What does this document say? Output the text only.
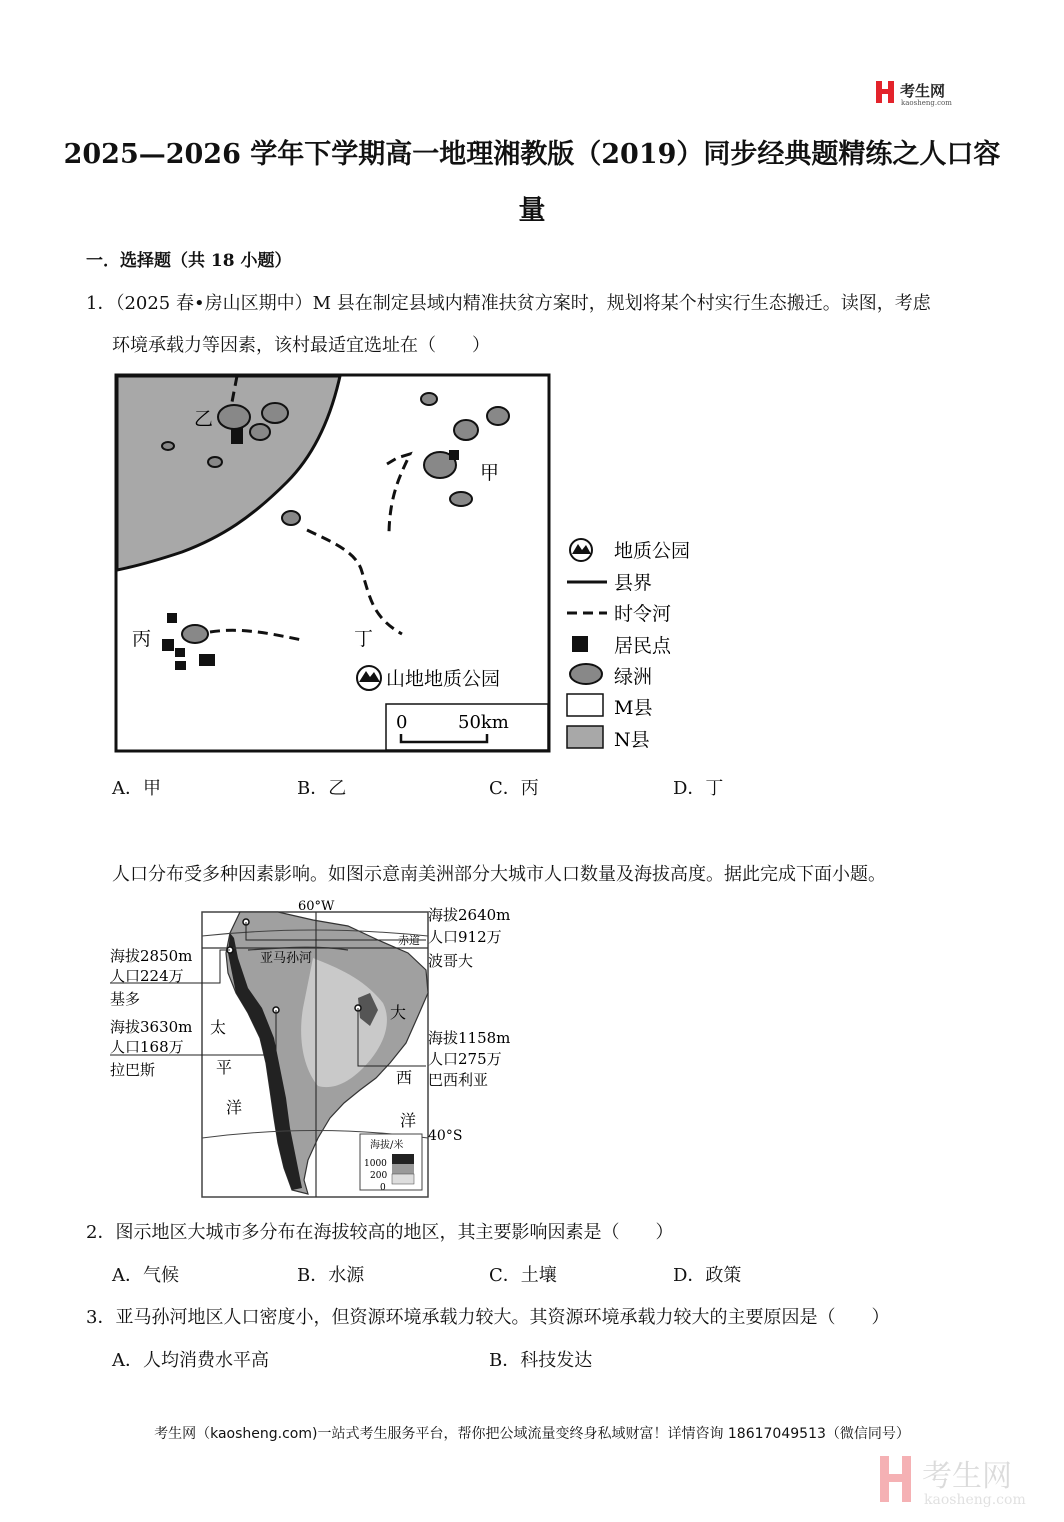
考生网
kaosheng.com
2025—2026 学年下学期高一地理湘教版（2019）同步经典题精练之人口容
量
一．选择题（共 18 小题）
1．（2025 春•房山区期中）M 县在制定县域内精准扶贫方案时，规划将某个村实行生态搬迁。读图，考虑
环境承载力等因素，该村最适宜选址在（　　）
乙
甲
丙	丁
山地地质公园
0	50km
地质公园
县界
时令河
居民点
绿洲
M县
N县
A．甲	B．乙	C．丙	D．丁
人口分布受多种因素影响。如图示意南美洲部分大城市人口数量及海拔高度。据此完成下面小题。
60°W
赤道
40°S
亚马孙河
太
平
洋
大
西
洋
海拔2640m
人口912万
波哥大
海拔2850m
人口224万
基多
海拔3630m
人口168万
拉巴斯
海拔1158m
人口275万
巴西利亚
海拔/米
1000
200
0
2．图示地区大城市多分布在海拔较高的地区，其主要影响因素是（　　）
A．气候	B．水源	C．土壤	D．政策
3．亚马孙河地区人口密度小，但资源环境承载力较大。其资源环境承载力较大的主要原因是（　　）
A．人均消费水平高	B．科技发达
考生网（kaosheng.com)一站式考生服务平台，帮你把公域流量变终身私域财富！详情咨询 18617049513（微信同号）
考生网
kaosheng.com
